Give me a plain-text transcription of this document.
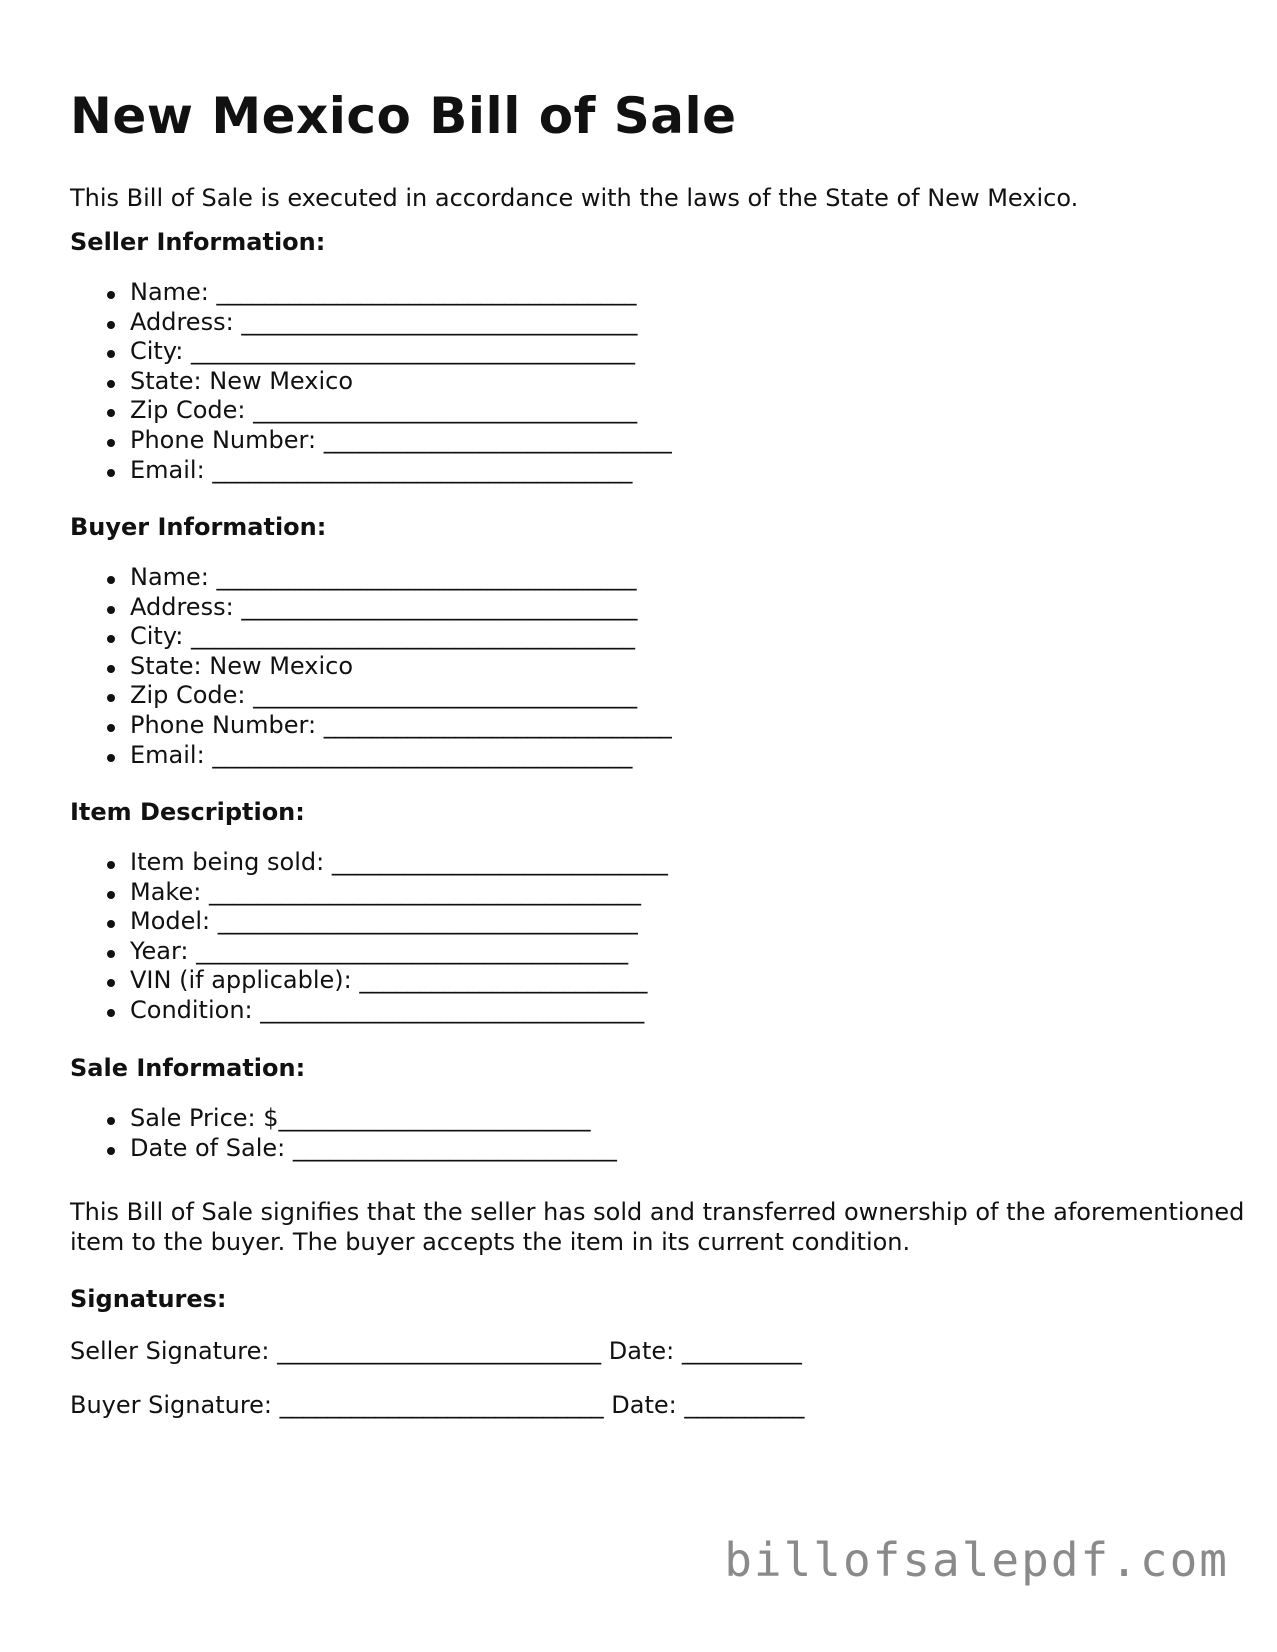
New Mexico Bill of Sale

This Bill of Sale is executed in accordance with the laws of the State of New Mexico.

Seller Information:
Name: ___________________________________
Address: _________________________________
City: _____________________________________
State: New Mexico
Zip Code: ________________________________
Phone Number: _____________________________
Email: ___________________________________
Buyer Information:
Name: ___________________________________
Address: _________________________________
City: _____________________________________
State: New Mexico
Zip Code: ________________________________
Phone Number: _____________________________
Email: ___________________________________
Item Description:
Item being sold: ____________________________
Make: ____________________________________
Model: ___________________________________
Year: ____________________________________
VIN (if applicable): ________________________
Condition: ________________________________
Sale Information:
Sale Price: $__________________________
Date of Sale: ___________________________

This Bill of Sale signifies that the seller has sold and transferred ownership of the aforementioned item to the buyer. The buyer accepts the item in its current condition.

Signatures:

Seller Signature: ___________________________ Date: __________

Buyer Signature: ___________________________ Date: __________

billofsalepdf.com
